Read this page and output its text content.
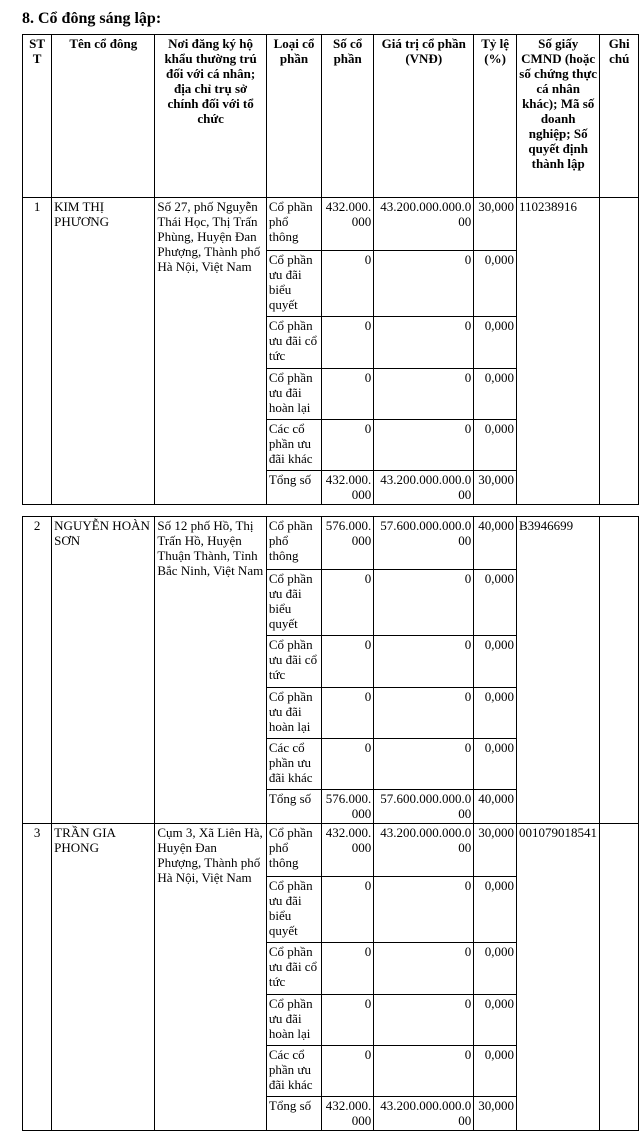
8. Cổ đông sáng lập:
STT	Tên cổ đông	Nơi đăng ký hộ khẩu thường trú đối với cá nhân; địa chỉ trụ sở chính đối với tổ chức	Loại cổ phần	Số cổ phần	Giá trị cổ phần (VNĐ)	Tỷ lệ (%)	Số giấy CMND (hoặc số chứng thực cá nhân khác); Mã số doanh nghiệp; Số quyết định thành lập	Ghi chú
1	KIM THỊ PHƯƠNG	Số 27, phố Nguyễn Thái Học, Thị Trấn Phùng, Huyện Đan Phượng, Thành phố Hà Nội, Việt Nam	Cổ phần phổ thông	432.000.000	43.200.000.000.000	30,000	110238916	
			Cổ phần ưu đãi biểu quyết	0	0	0,000		
			Cổ phần ưu đãi cổ tức	0	0	0,000		
			Cổ phần ưu đãi hoàn lại	0	0	0,000		
			Các cổ phần ưu đãi khác	0	0	0,000		
			Tổng số	432.000.000	43.200.000.000.000	30,000		
2	NGUYỄN HOÀN SƠN	Số 12 phố Hồ, Thị Trấn Hồ, Huyện Thuận Thành, Tỉnh Bắc Ninh, Việt Nam	Cổ phần phổ thông	576.000.000	57.600.000.000.000	40,000	B3946699	
			Cổ phần ưu đãi biểu quyết	0	0	0,000		
			Cổ phần ưu đãi cổ tức	0	0	0,000		
			Cổ phần ưu đãi hoàn lại	0	0	0,000		
			Các cổ phần ưu đãi khác	0	0	0,000		
			Tổng số	576.000.000	57.600.000.000.000	40,000		
3	TRẦN GIA PHONG	Cụm 3, Xã Liên Hà, Huyện Đan Phượng, Thành phố Hà Nội, Việt Nam	Cổ phần phổ thông	432.000.000	43.200.000.000.000	30,000	001079018541	
			Cổ phần ưu đãi biểu quyết	0	0	0,000		
			Cổ phần ưu đãi cổ tức	0	0	0,000		
			Cổ phần ưu đãi hoàn lại	0	0	0,000		
			Các cổ phần ưu đãi khác	0	0	0,000		
			Tổng số	432.000.000	43.200.000.000.000	30,000		
